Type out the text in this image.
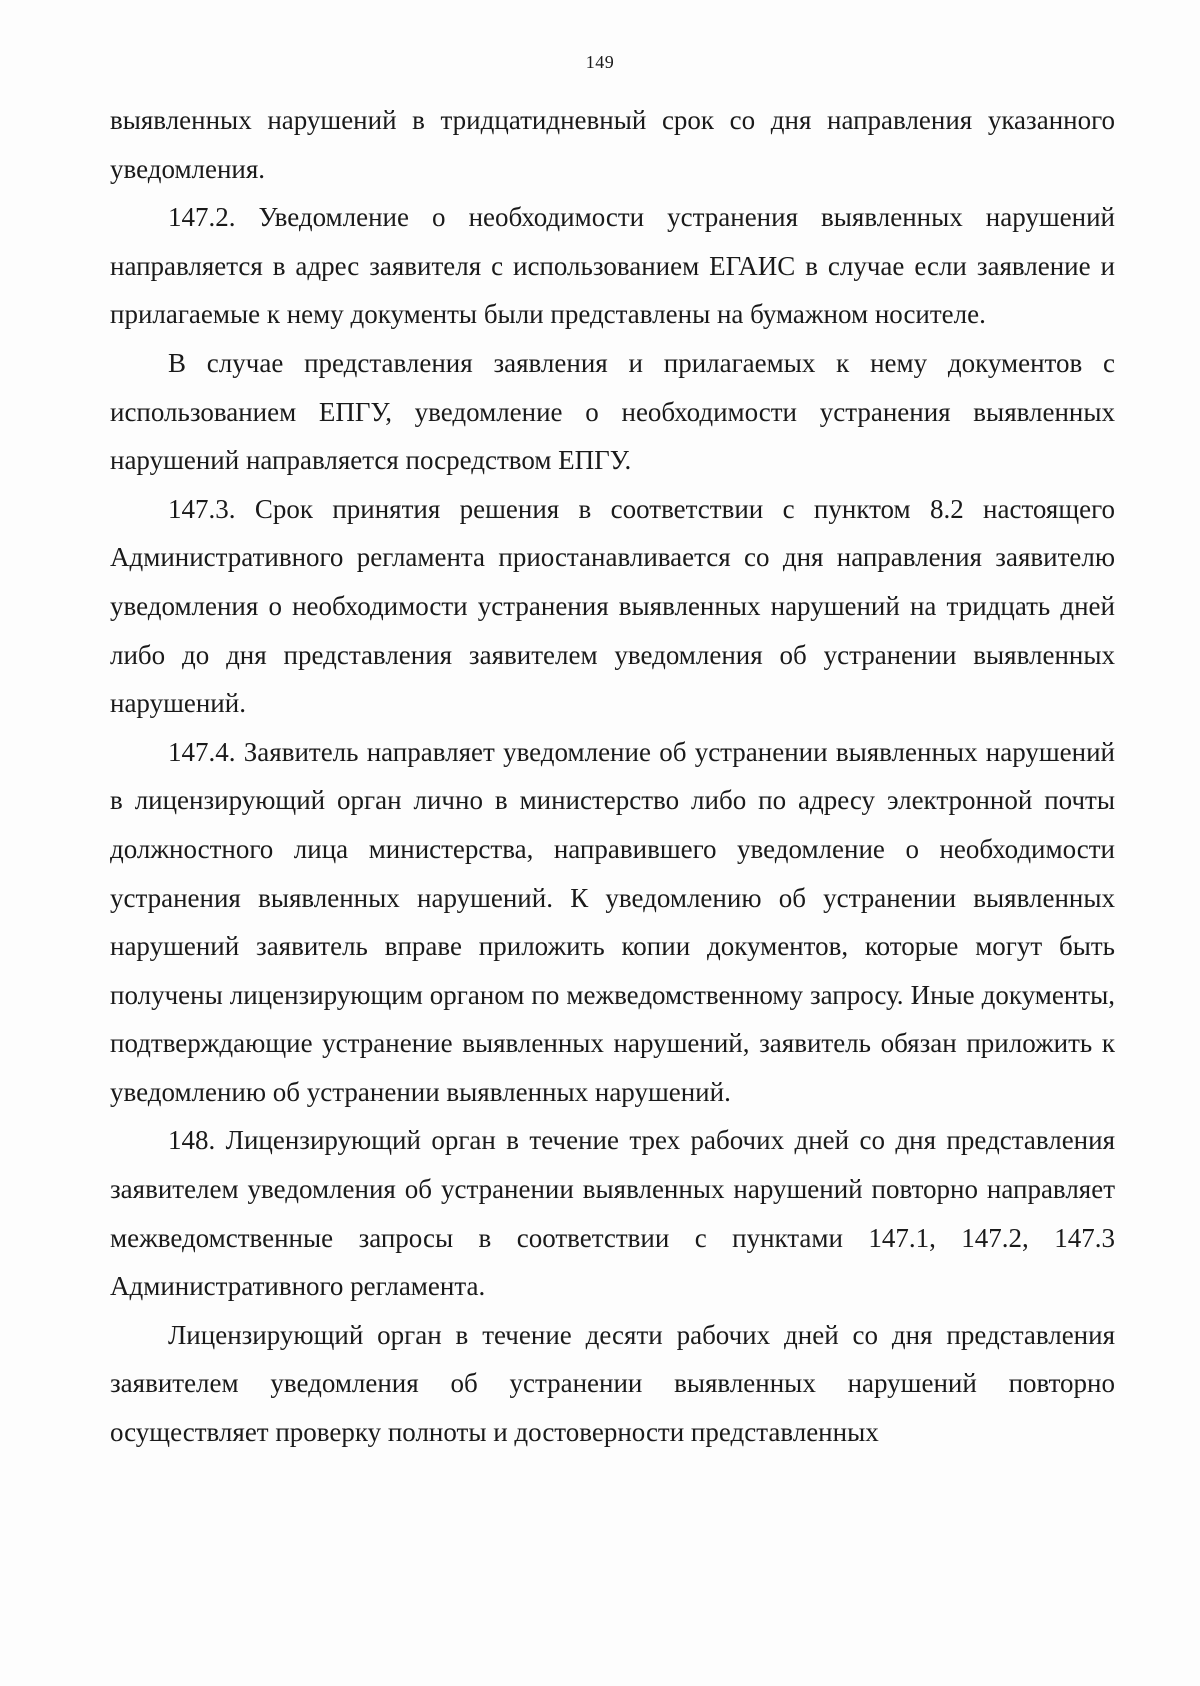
149

выявленных нарушений в тридцатидневный срок со дня направления указанного уведомления.

147.2. Уведомление о необходимости устранения выявленных нарушений направляется в адрес заявителя с использованием ЕГАИС в случае если заявление и прилагаемые к нему документы были представлены на бумажном носителе.

В случае представления заявления и прилагаемых к нему документов с использованием ЕПГУ, уведомление о необходимости устранения выявленных нарушений направляется посредством ЕПГУ.

147.3. Срок принятия решения в соответствии с пунктом 8.2 настоящего Административного регламента приостанавливается со дня направления заявителю уведомления о необходимости устранения выявленных нарушений на тридцать дней либо до дня представления заявителем уведомления об устранении выявленных нарушений.

147.4. Заявитель направляет уведомление об устранении выявленных нарушений в лицензирующий орган лично в министерство либо по адресу электронной почты должностного лица министерства, направившего уведомление о необходимости устранения выявленных нарушений. К уведомлению об устранении выявленных нарушений заявитель вправе приложить копии документов, которые могут быть получены лицензирующим органом по межведомственному запросу. Иные документы, подтверждающие устранение выявленных нарушений, заявитель обязан приложить к уведомлению об устранении выявленных нарушений.

148. Лицензирующий орган в течение трех рабочих дней со дня представления заявителем уведомления об устранении выявленных нарушений повторно направляет межведомственные запросы в соответствии с пунктами 147.1, 147.2, 147.3 Административного регламента.

Лицензирующий орган в течение десяти рабочих дней со дня представления заявителем уведомления об устранении выявленных нарушений повторно осуществляет проверку полноты и достоверности представленных
